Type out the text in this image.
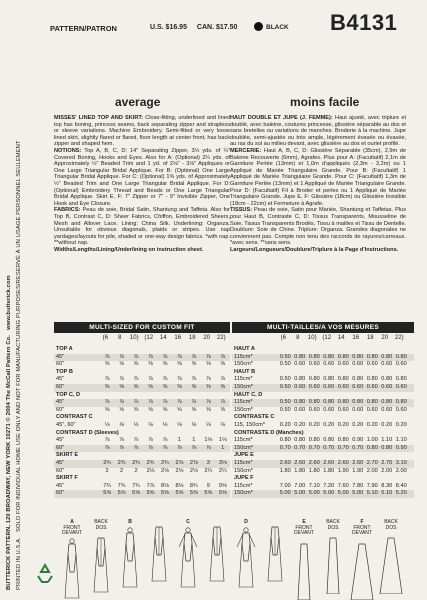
BUTTERICK PATTERN, 120 BROADWAY, NEW YORK 10271 © 2004 The McCall Pattern Co.   www.butterick.com
PRINTED IN U.S.A.   SOLD FOR INDIVIDUAL HOME USE ONLY AND NOT FOR MANUFACTURING PURPOSES/RESERVÉ À UN USAGE PERSONNEL SEULEMENT
PATTERN/PATRON	U.S. $16.95 CAN. $17.50	BLACK B4131
average	moins facile

MISSES' LINED TOP AND SKIRT: Close-fitting, underlined and lined top has boning, princess seams, back separating zipper and strapless or sleeve variations. Machine Embroidery. Semi-fitted or very loose lined skirt, slightly flared or flared, floor length at center front, has back zipper and shaped hem.

NOTIONS: Top A, B, C, D: 14" Separating Zipper, 3⅓ yds. of ¼" Covered Boning, Hooks and Eyes. Also for A: (Optional) 2¼ yds. of Approximately ½" Beaded Trim and 1 yd. of 2⅛" - 3⅛" Appliques or One Large Triangular Bridal Applique. For B: (Optional) One Large Triangular Bridal Applique. For C: (Optional) 1⅜ yds. of Approximately ½" Beaded Trim and One Large Triangular Bridal Applique. For D: (Optional) Embroidery Thread and Beads or One Large Triangular Bridal Applique. Skirt E, F: 7" Zipper or 7" - 9" Invisible Zipper, One Hook and Eye Closure.

FABRICS: Peau de soie, Bridal Satin, Shantung and Taffeta. Also for Top B, Contrast C, D: Sheer Fabrics, Chiffon, Embroidered Sheers, Mesh and Allover Lace. Lining: China Silk. Underlining: Organza. Unsuitable for obvious diagonals, plaids or stripes. Use nap yardages/layouts for pile, shaded or one-way design fabrics. *with nap. **without nap.

Widths/Lengths/Lining/Underlining on instruction sheet.

HAUT DOUBLE ET JUPE (J. FEMME): Haut ajusté, avec triplure et doublé, avec baleine, coutures princesse, glissière séparable au dos et sans bretelles ou variations de manches. Broderie à la machine. Jupe doublée, semi-ajustée ou très ample, légèrement évasée ou évasée, au ras du sol au milieu devant, avec glissière au dos et ourlet profilé.

MERCERIE: Haut A, B, C, D: Glissière Séparable (35cm), 2,9m de Baleine Recouverte (6mm), Agrafes. Plus pour A: (Facultatif) 2,1m de Garniture Perlée (13mm) et 1,0m d'appliqués (2,3m - 3,2m) ou 1 Appliqué de Mariée Triangulaire Grande. Pour B: (Facultatif) 1 Appliqué de Mariée Triangulaire Grande. Pour C: (Facultatif) 1,3m de Garniture Perlée (13mm) et 1 Appliqué de Mariée Triangulaire Grande. Pour D: (Facultatif) Fil à Broder et perles ou 1 Appliqué de Mariée Triangulaire Grande. Jupe E, F: Glissière (18cm) ou Glissière Invisible (18cm - 22cm) et Fermeture à Agrafe.

TISSUS: Peau de soie, Satin pour Mariée, Shantung et Taffetas. Plus pour Haut B, Contraste C, D: Tissus Transparents, Mousseline de Soie, Tissus Transparents Brodés, Tissu à mailles et Tissu de Dentelle. Doublure: Soie de Chine. Triplure: Organza. Grandes diagonales ne conviennent pas. Compte non tenu des raccords de rayures/carreaux. *avec sens. **sans sens.

Largeurs/Longueurs/Doublure/Triplure à la Page d'Instructions.

MULTI-SIZED FOR CUSTOM FIT	MULTI-TAILLES/A VOS MESURES
(6	8	10) (12	14	16	18	20	22)	(6	8	10) (12	14	16	18	20	22)
TOP A
45"	⅞	⅞	⅞	⅞	⅞	⅞	⅞	⅞	⅞
60"	⅝	⅝	⅝	⅝	⅝	⅝	⅝	⅝	⅝
TOP B
45"	⅞	⅞	⅞	⅞	⅞	⅞	⅞	⅞	⅞
60"	⅝	⅝	⅝	⅝	⅝	⅝	⅝	⅝	⅝
TOP C, D
45"	⅞	⅞	⅞	⅞	⅞	⅞	⅞	⅞	⅞
60"	⅝	⅝	⅝	⅝	⅝	⅝	⅝	⅝	⅝
CONTRAST C
45", 60"	⅛	⅛	⅛	⅛	⅛	⅛	⅛	⅛	⅛
CONTRAST D (Sleeves)
45"	⅞	⅞	⅞	⅞	⅞	1	1	1⅛	1⅛
60"	⅞	⅞	⅞	⅞	⅞	⅞	⅞	⅞	1
SKIRT E
45"	2¾	2¾	2¾	2¾	2¾	2⅞	2⅞	3	3⅛
60"	2	2	2	2⅛	2⅛	2⅛	2⅛	2¼	2¼
SKIRT F
45"	7¾	7¾	7¾	7⅞	8⅛	8⅛	8¾	9	9⅝
60"	5⅝	5⅝	5⅝	5⅝	5⅝	5⅝	5⅝	5⅝	5⅝
HAUT A
115cm*	0.50 0.80 0.80 0.80 0.80 0.80 0.80 0.80 0.80
150cm*	0.50 0.60 0.60 0.60 0.60 0.60 0.60 0.60 0.60
HAUT B
115cm*	0.50 0.80 0.80 0.80 0.80 0.80 0.80 0.80 0.80
150cm*	0.50 0.60 0.60 0.60 0.60 0.60 0.60 0.60 0.60
HAUT C, D
115cm*	0.50 0.80 0.80 0.80 0.80 0.80 0.80 0.80 0.80
150cm*	0.50 0.60 0.60 0.60 0.60 0.60 0.60 0.60 0.60
CONTRASTE C
115, 150cm*	0.20 0.20 0.20 0.20 0.20 0.20 0.20 0.20 0.20
CONTRASTE D (Manches)
115cm*	0.80 0.80 0.80 0.80 0.80 0.90 1.00 1.10 1.10
150cm*	0.70 0.70 0.70 0.70 0.70 0.70 0.80 0.80 0.90
JUPE E
115cm*	2.60 2.60 2.60 2.60 2.60 2.60 2.70 2.70 3.10
150cm*	1.80 1.80 1.80 1.80 1.90 1.90 2.00 2.00 2.00
JUPE F
115cm*	7.00 7.00 7.10 7.20 7.60 7.80 7.90 8.30 8.40
150cm*	5.00 5.00 5.00 5.00 5.00 5.00 5.10 5.10 5.20
A
FRONT
DEVANT
BACK
DOS
B	C	D	E
FRONT
DEVANT
BACK
DOS
F
FRONT
DEVANT
BACK
DOS
